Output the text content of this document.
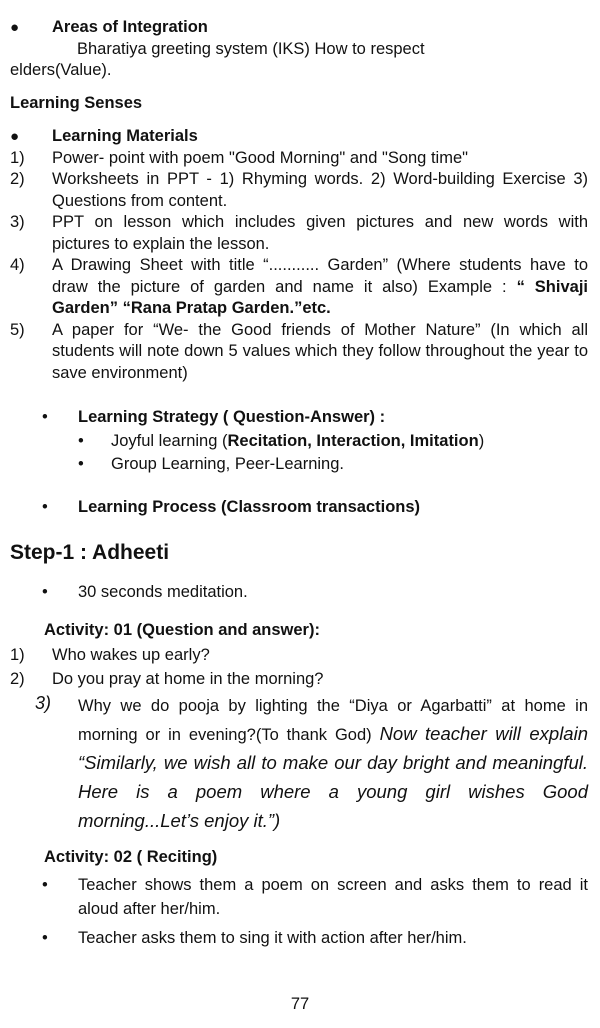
● Areas of Integration
Bharatiya greeting system (IKS) How to respect
elders(Value).
Learning Senses
● Learning Materials
1) Power- point with poem "Good Morning" and "Song time"
2) Worksheets in PPT - 1) Rhyming words. 2) Word-building Exercise 3) Questions from content.
3) PPT on lesson which includes given pictures and new words with pictures to explain the lesson.
4) A Drawing Sheet with title “........... Garden” (Where students have to draw the picture of garden and name it also) Example : “ Shivaji Garden” “Rana Pratap Garden.”etc.
5) A paper for “We- the Good friends of Mother Nature” (In which all students will note down 5 values which they follow throughout the year to save environment)
• Learning Strategy ( Question-Answer) :
• Joyful learning (Recitation, Interaction, Imitation)
• Group Learning, Peer-Learning.
• Learning Process (Classroom transactions)
Step-1 : Adheeti
• 30 seconds meditation.
Activity: 01 (Question and answer):
1) Who wakes up early?
2) Do you pray at home in the morning?
3) Why we do pooja by lighting the “Diya or Agarbatti” at home in morning or in evening?(To thank God) Now teacher will explain “Similarly, we wish all to make our day bright and meaningful. Here is a poem where a young girl wishes Good morning...Let’s enjoy it.”)
Activity: 02 ( Reciting)
• Teacher shows them a poem on screen and asks them to read it aloud after her/him.
• Teacher asks them to sing it with action after her/him.
77
